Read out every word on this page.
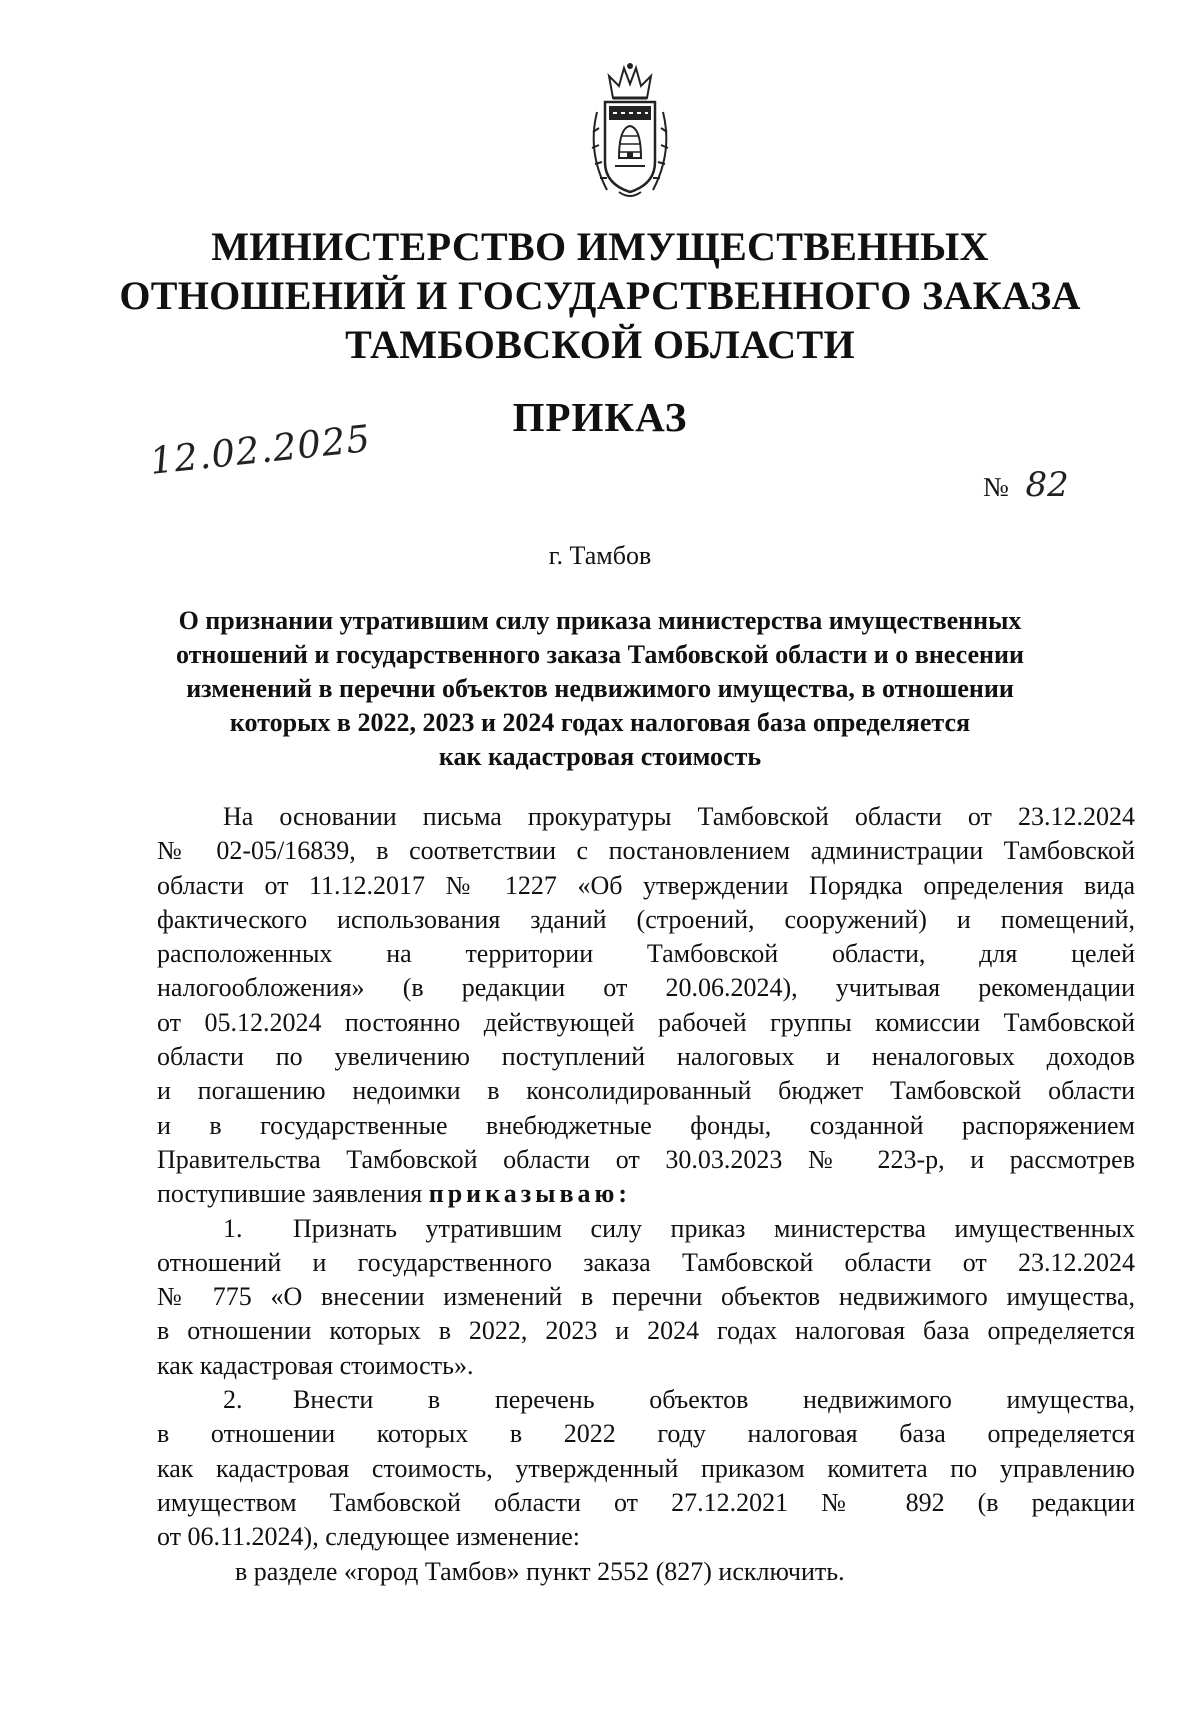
МИНИСТЕРСТВО ИМУЩЕСТВЕННЫХ
ОТНОШЕНИЙ И ГОСУДАРСТВЕННОГО ЗАКАЗА
ТАМБОВСКОЙ ОБЛАСТИ
ПРИКАЗ
12.02.2025
№ 82
г. Тамбов
О признании утратившим силу приказа министерства имущественных
отношений и государственного заказа Тамбовской области и о внесении
изменений в перечни объектов недвижимого имущества, в отношении
которых в 2022, 2023 и 2024 годах налоговая база определяется
как кадастровая стоимость
На основании письма прокуратуры Тамбовской области от 23.12.2024
№ 02-05/16839, в соответствии с постановлением администрации Тамбовской
области от 11.12.2017 № 1227 «Об утверждении Порядка определения вида
фактического использования зданий (строений, сооружений) и помещений,
расположенных на территории Тамбовской области, для целей
налогообложения» (в редакции от 20.06.2024), учитывая рекомендации
от 05.12.2024 постоянно действующей рабочей группы комиссии Тамбовской
области по увеличению поступлений налоговых и неналоговых доходов
и погашению недоимки в консолидированный бюджет Тамбовской области
и в государственные внебюджетные фонды, созданной распоряжением
Правительства Тамбовской области от 30.03.2023 № 223-р, и рассмотрев
поступившие заявления приказываю:
1. Признать утратившим силу приказ министерства имущественных
отношений и государственного заказа Тамбовской области от 23.12.2024
№ 775 «О внесении изменений в перечни объектов недвижимого имущества,
в отношении которых в 2022, 2023 и 2024 годах налоговая база определяется
как кадастровая стоимость».
2. Внести в перечень объектов недвижимого имущества,
в отношении которых в 2022 году налоговая база определяется
как кадастровая стоимость, утвержденный приказом комитета по управлению
имуществом Тамбовской области от 27.12.2021 № 892 (в редакции
от 06.11.2024), следующее изменение:
в разделе «город Тамбов» пункт 2552 (827) исключить.
